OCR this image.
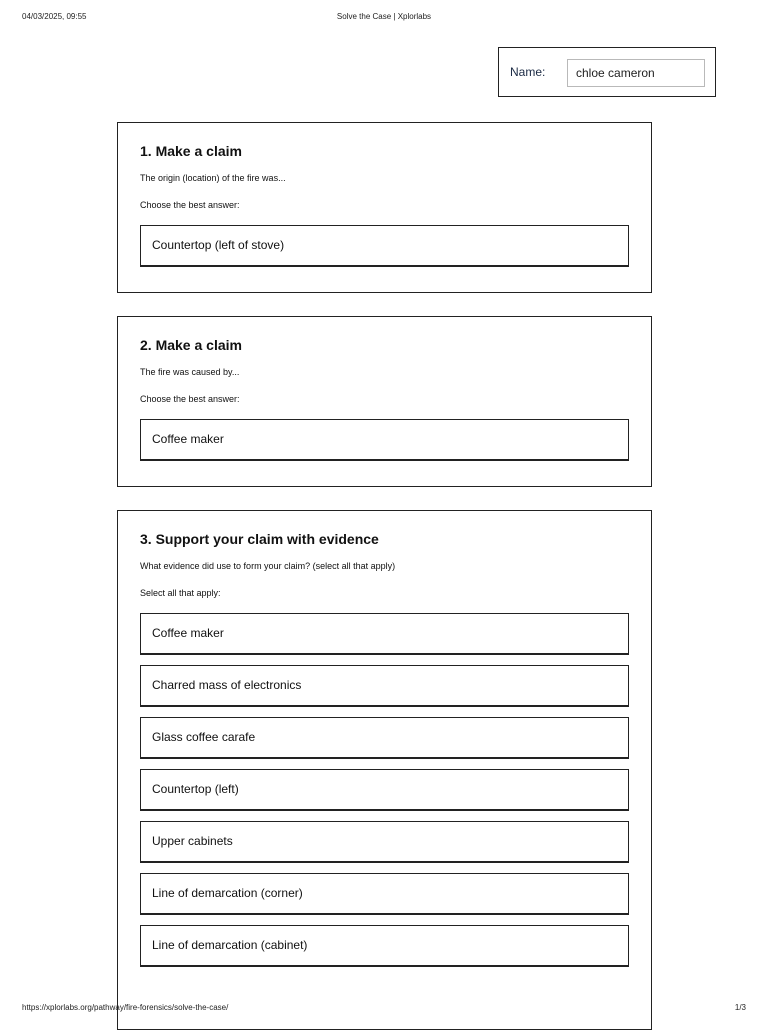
04/03/2025, 09:55	Solve the Case | Xplorlabs
Name:
chloe cameron
1. Make a claim
The origin (location) of the fire was...
Choose the best answer:
Countertop (left of stove)
2. Make a claim
The fire was caused by...
Choose the best answer:
Coffee maker
3. Support your claim with evidence
What evidence did use to form your claim? (select all that apply)
Select all that apply:
Coffee maker
Charred mass of electronics
Glass coffee carafe
Countertop (left)
Upper cabinets
Line of demarcation (corner)
Line of demarcation (cabinet)
https://xplorlabs.org/pathway/fire-forensics/solve-the-case/	1/3
